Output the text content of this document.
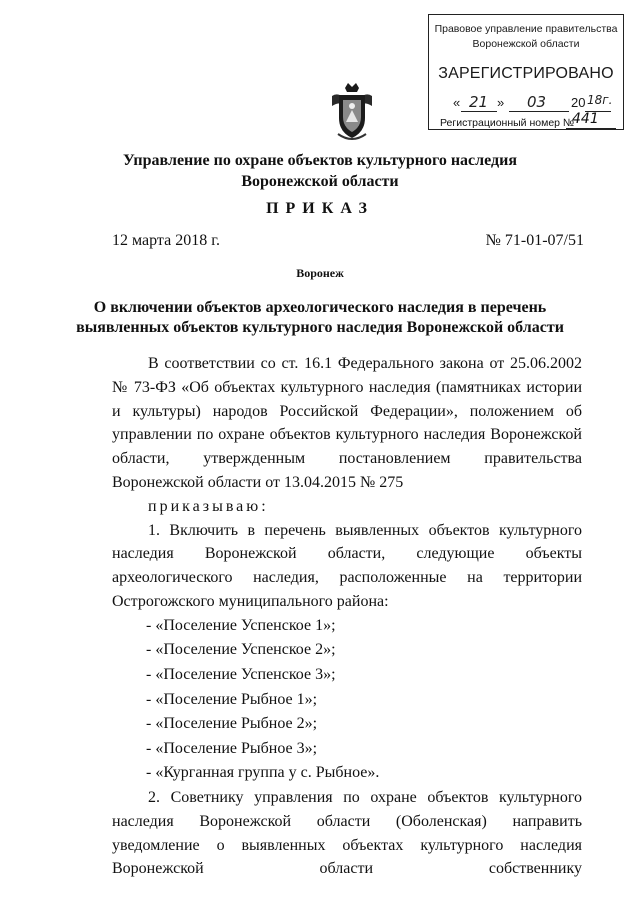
Правовое управление правительства
Воронежской области
ЗАРЕГИСТРИРОВАНО
« 21 » 03 20 18г.
Регистрационный номер №
441
Управление по охране объектов культурного наследия
Воронежской области
ПРИКАЗ
12 марта 2018 г.	№ 71-01-07/51
Воронеж
О включении объектов археологического наследия в перечень
выявленных объектов культурного наследия Воронежской области

В соответствии со ст. 16.1 Федерального закона от 25.06.2002 № 73-ФЗ «Об объектах культурного наследия (памятниках истории и культуры) народов Российской Федерации», положением об управлении по охране объектов культурного наследия Воронежской области, утвержденным постановлением правительства Воронежской области от 13.04.2015 № 275

приказываю:

1. Включить в перечень выявленных объектов культурного наследия Воронежской области, следующие объекты археологического наследия, расположенные на территории Острогожского муниципального района:

- «Поселение Успенское 1»;
- «Поселение Успенское 2»;
- «Поселение Успенское 3»;
- «Поселение Рыбное 1»;
- «Поселение Рыбное 2»;
- «Поселение Рыбное 3»;
- «Курганная группа у с. Рыбное».

2. Советнику управления по охране объектов культурного наследия Воронежской области (Оболенская) направить уведомление о выявленных объектах культурного наследия Воронежской области собственнику
